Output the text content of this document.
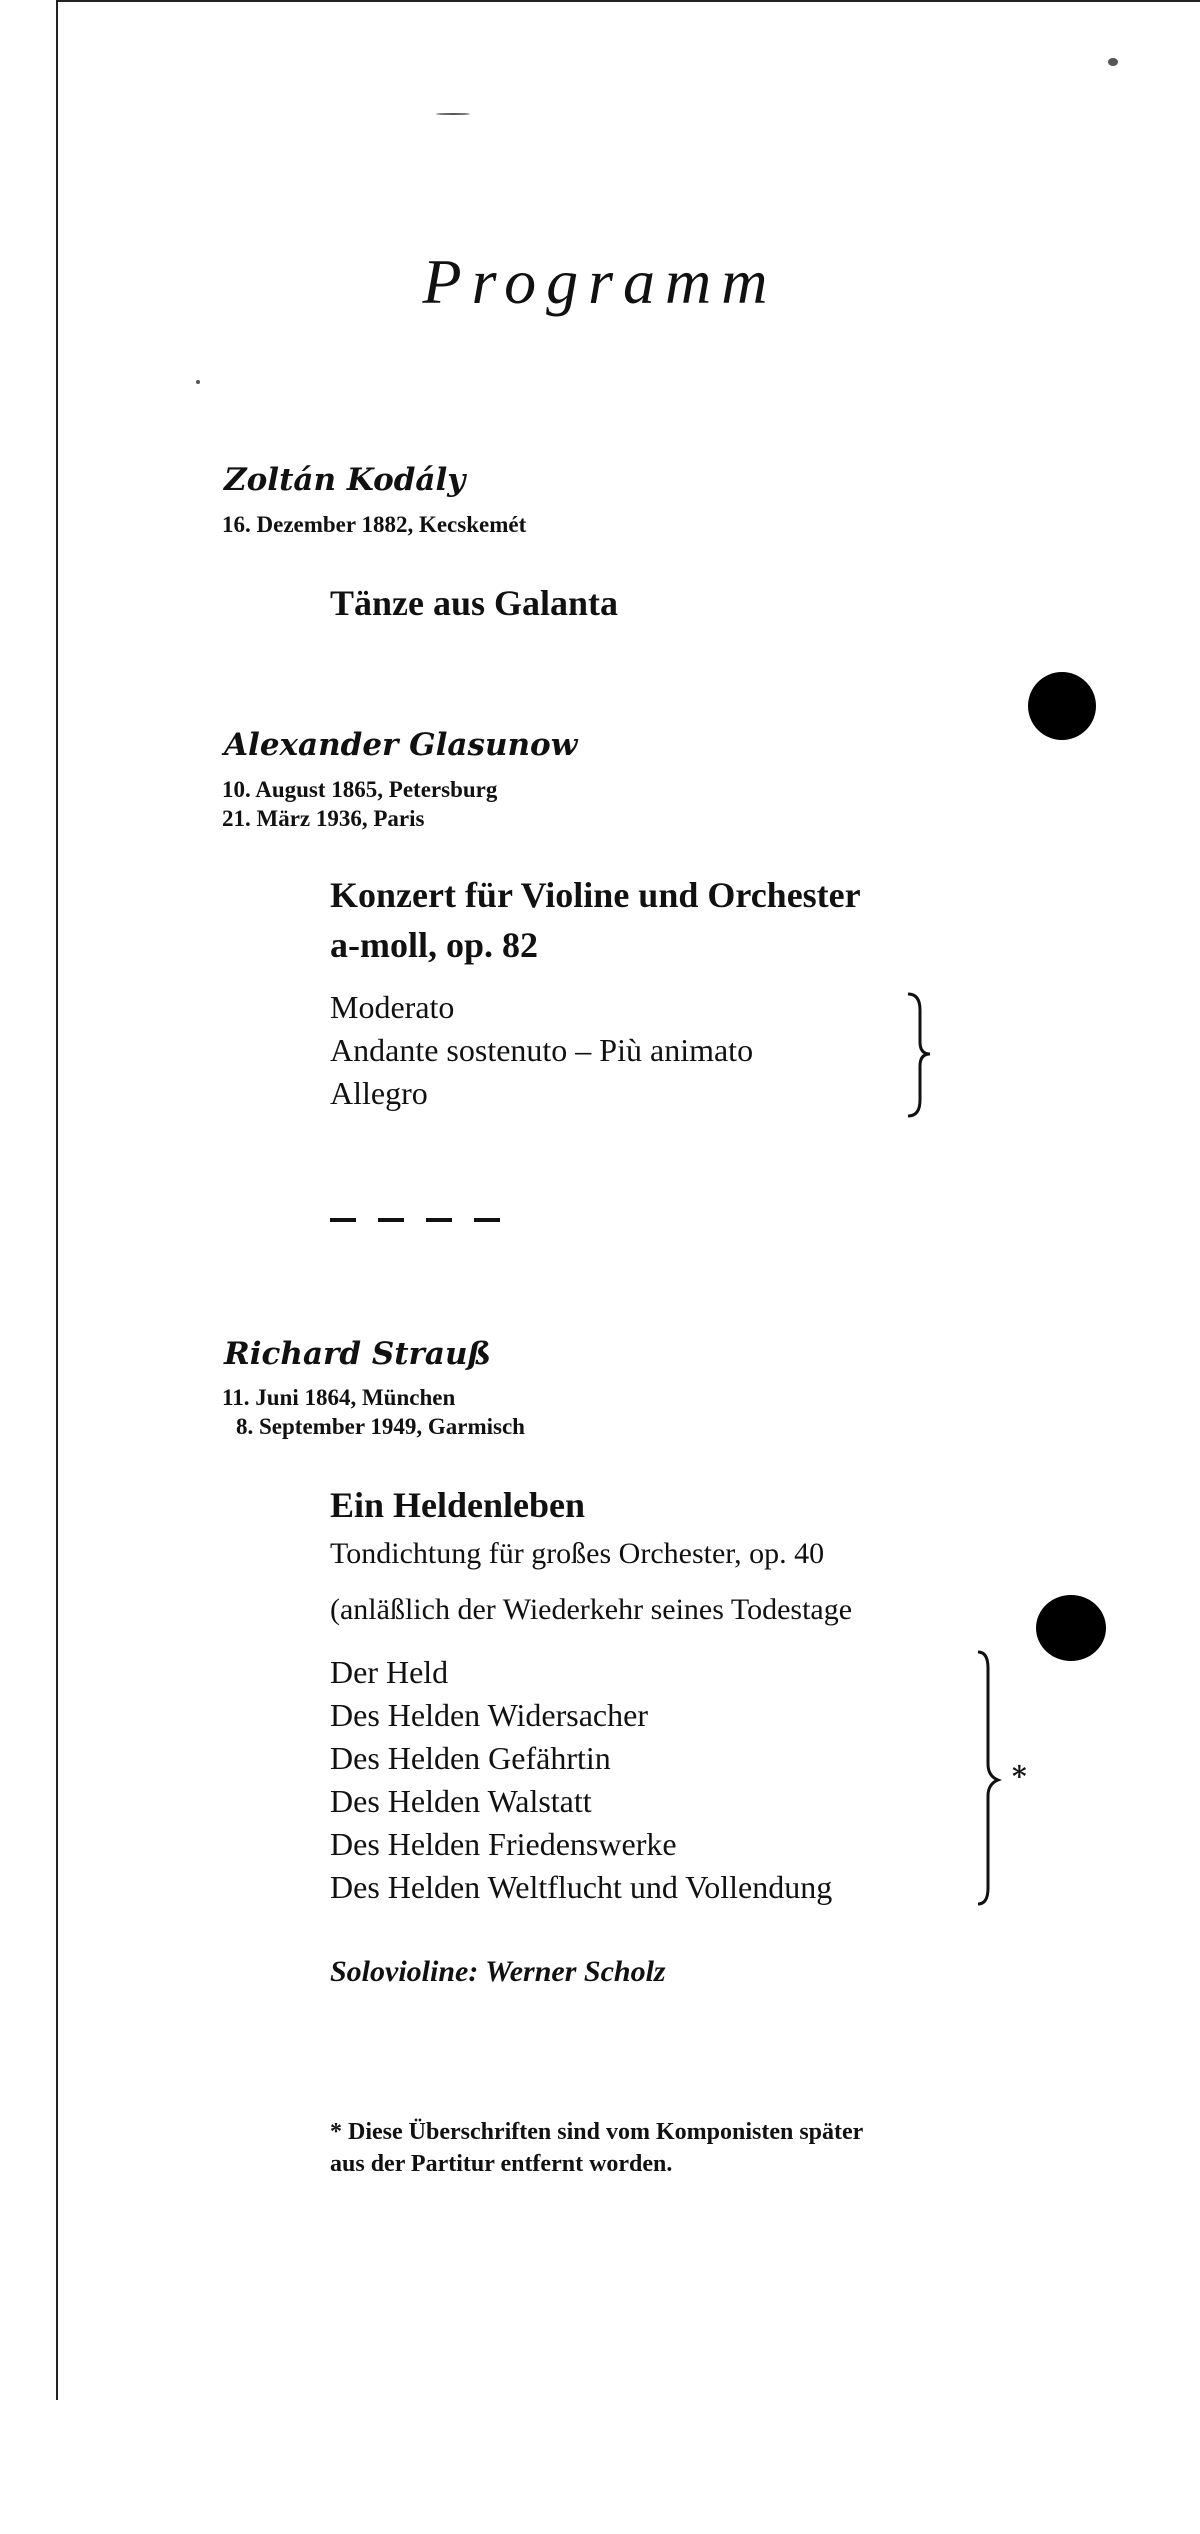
Programm
Zoltán Kodály
16. Dezember 1882, Kecskemét
Tänze aus Galanta
Alexander Glasunow
10. August 1865, Petersburg
21. März 1936, Paris
Konzert für Violine und Orchester
a-moll, op. 82
Moderato
Andante sostenuto – Più animato
Allegro
Richard Strauß
11. Juni 1864, München
8. September 1949, Garmisch
Ein Heldenleben
Tondichtung für großes Orchester, op. 40
(anläßlich der Wiederkehr seines Todestage
Der Held
Des Helden Widersacher
Des Helden Gefährtin
Des Helden Walstatt
Des Helden Friedenswerke
Des Helden Weltflucht und Vollendung
*
Solovioline: Werner Scholz
* Diese Überschriften sind vom Komponisten später
aus der Partitur entfernt worden.
